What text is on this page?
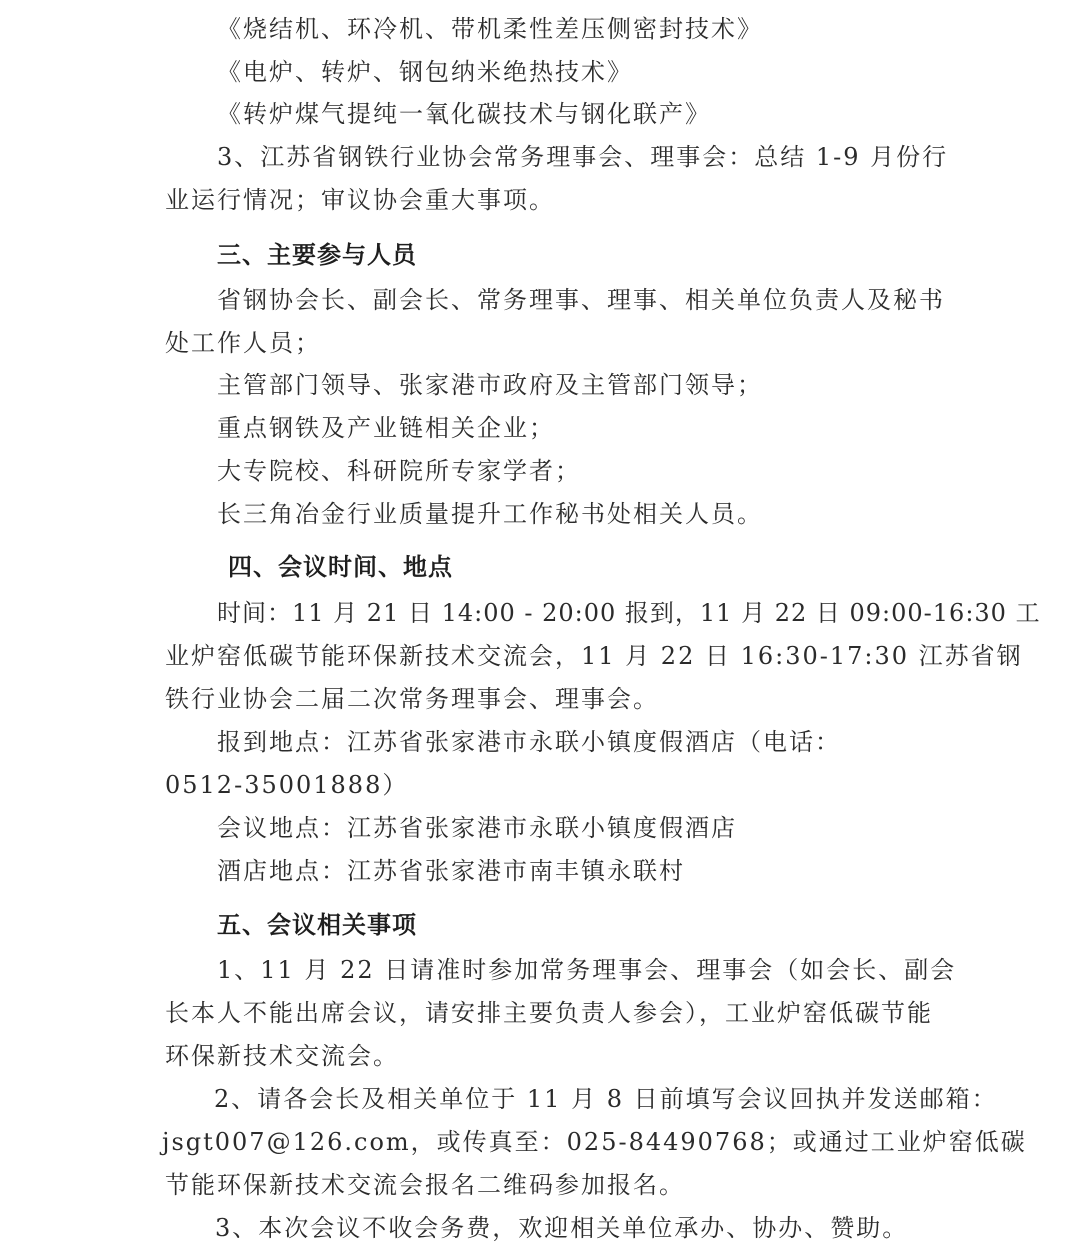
《烧结机、环冷机、带机柔性差压侧密封技术》
《电炉、转炉、钢包纳米绝热技术》
《转炉煤气提纯一氧化碳技术与钢化联产》
3、江苏省钢铁行业协会常务理事会、理事会：总结 1-9 月份行
业运行情况；审议协会重大事项。
三、主要参与人员
省钢协会长、副会长、常务理事、理事、相关单位负责人及秘书
处工作人员；
主管部门领导、张家港市政府及主管部门领导；
重点钢铁及产业链相关企业；
大专院校、科研院所专家学者；
长三角冶金行业质量提升工作秘书处相关人员。
四、会议时间、地点
时间：11 月 21 日 14:00 - 20:00 报到，11 月 22 日 09:00-16:30 工
业炉窑低碳节能环保新技术交流会，11 月 22 日 16:30-17:30 江苏省钢
铁行业协会二届二次常务理事会、理事会。
报到地点：江苏省张家港市永联小镇度假酒店（电话：
0512-35001888）
会议地点：江苏省张家港市永联小镇度假酒店
酒店地点：江苏省张家港市南丰镇永联村
五、会议相关事项
1、11 月 22 日请准时参加常务理事会、理事会（如会长、副会
长本人不能出席会议，请安排主要负责人参会），工业炉窑低碳节能
环保新技术交流会。
2、请各会长及相关单位于 11 月 8 日前填写会议回执并发送邮箱：
jsgt007@126.com，或传真至：025-84490768；或通过工业炉窑低碳
节能环保新技术交流会报名二维码参加报名。
3、本次会议不收会务费，欢迎相关单位承办、协办、赞助。
